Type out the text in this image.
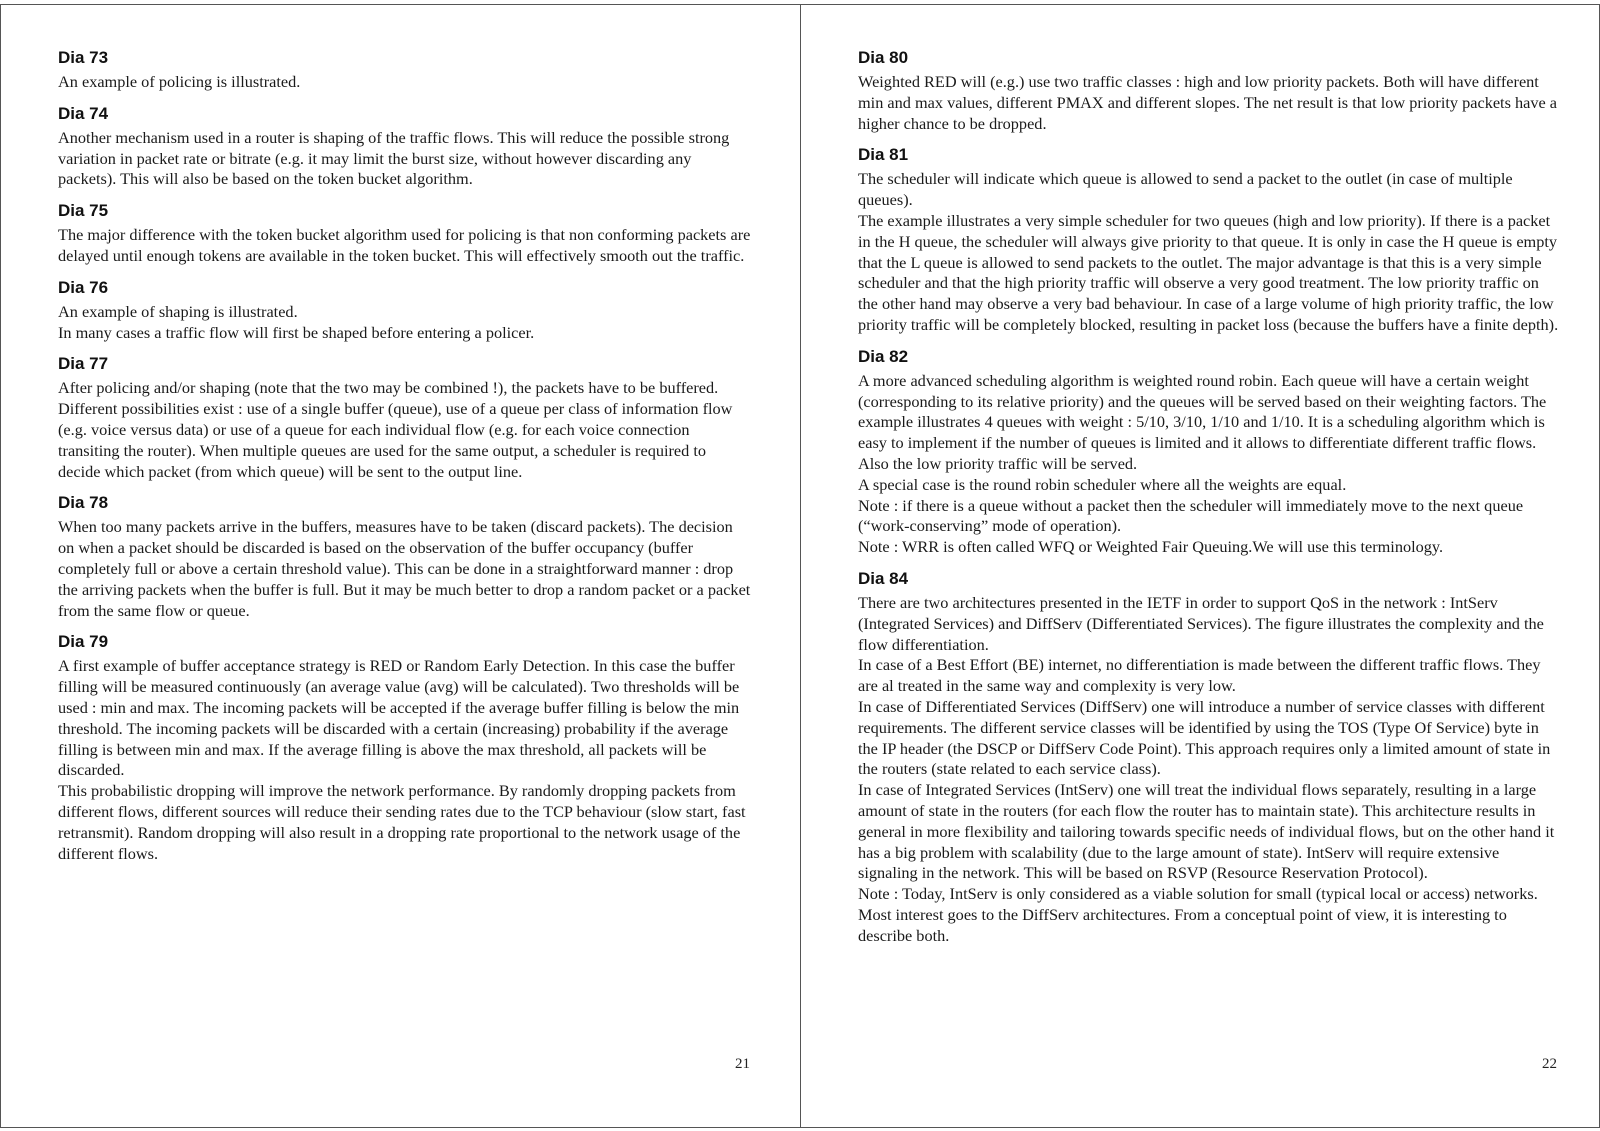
Dia 73

An example of policing is illustrated.

Dia 74

Another mechanism used in a router is shaping of the traffic flows. This will reduce the possible strong variation in packet rate or bitrate (e.g. it may limit the burst size, without however discarding any packets). This will also be based on the token bucket algorithm.

Dia 75

The major difference with the token bucket algorithm used for policing is that non conforming packets are delayed until enough tokens are available in the token bucket. This will effectively smooth out the traffic.

Dia 76

An example of shaping is illustrated.

In many cases a traffic flow will first be shaped before entering a policer.

Dia 77

After policing and/or shaping (note that the two may be combined !), the packets have to be buffered. Different possibilities exist : use of a single buffer (queue), use of a queue per class of information flow (e.g. voice versus data) or use of a queue for each individual flow (e.g. for each voice connection transiting the router). When multiple queues are used for the same output, a scheduler is required to decide which packet (from which queue) will be sent to the output line.

Dia 78

When too many packets arrive in the buffers, measures have to be taken (discard packets). The decision on when a packet should be discarded is based on the observation of the buffer occupancy (buffer completely full or above a certain threshold value). This can be done in a straightforward manner : drop the arriving packets when the buffer is full. But it may be much better to drop a random packet or a packet from the same flow or queue.

Dia 79

A first example of buffer acceptance strategy is RED or Random Early Detection. In this case the buffer filling will be measured continuously (an average value (avg) will be calculated). Two thresholds will be used : min and max. The incoming packets will be accepted if the average buffer filling is below the min threshold. The incoming packets will be discarded with a certain (increasing) probability if the average filling is between min and max. If the average filling is above the max threshold, all packets will be discarded.

This probabilistic dropping will improve the network performance. By randomly dropping packets from different flows, different sources will reduce their sending rates due to the TCP behaviour (slow start, fast retransmit). Random dropping will also result in a dropping rate proportional to the network usage of the different flows.

21
Dia 80

Weighted RED will (e.g.) use two traffic classes : high and low priority packets. Both will have different min and max values, different PMAX and different slopes. The net result is that low priority packets have a higher chance to be dropped.

Dia 81

The scheduler will indicate which queue is allowed to send a packet to the outlet (in case of multiple queues).

The example illustrates a very simple scheduler for two queues (high and low priority). If there is a packet in the H queue, the scheduler will always give priority to that queue. It is only in case the H queue is empty that the L queue is allowed to send packets to the outlet. The major advantage is that this is a very simple scheduler and that the high priority traffic will observe a very good treatment. The low priority traffic on the other hand may observe a very bad behaviour. In case of a large volume of high priority traffic, the low priority traffic will be completely blocked, resulting in packet loss (because the buffers have a finite depth).

Dia 82

A more advanced scheduling algorithm is weighted round robin. Each queue will have a certain weight (corresponding to its relative priority) and the queues will be served based on their weighting factors. The example illustrates 4 queues with weight : 5/10, 3/10, 1/10 and 1/10. It is a scheduling algorithm which is easy to implement if the number of queues is limited and it allows to differentiate different traffic flows. Also the low priority traffic will be served.

A special case is the round robin scheduler where all the weights are equal.

Note : if there is a queue without a packet then the scheduler will immediately move to the next queue (“work-conserving” mode of operation).

Note : WRR is often called WFQ or Weighted Fair Queuing.We will use this terminology.

Dia 84

There are two architectures presented in the IETF in order to support QoS in the network : IntServ (Integrated Services) and DiffServ (Differentiated Services). The figure illustrates the complexity and the flow differentiation.

In case of a Best Effort (BE) internet, no differentiation is made between the different traffic flows. They are al treated in the same way and complexity is very low.

In case of Differentiated Services (DiffServ) one will introduce a number of service classes with different requirements. The different service classes will be identified by using the TOS (Type Of Service) byte in the IP header (the DSCP or DiffServ Code Point). This approach requires only a limited amount of state in the routers (state related to each service class).

In case of Integrated Services (IntServ) one will treat the individual flows separately, resulting in a large amount of state in the routers (for each flow the router has to maintain state). This architecture results in general in more flexibility and tailoring towards specific needs of individual flows, but on the other hand it has a big problem with scalability (due to the large amount of state). IntServ will require extensive signaling in the network. This will be based on RSVP (Resource Reservation Protocol).

Note : Today, IntServ is only considered as a viable solution for small (typical local or access) networks. Most interest goes to the DiffServ architectures. From a conceptual point of view, it is interesting to describe both.

22
